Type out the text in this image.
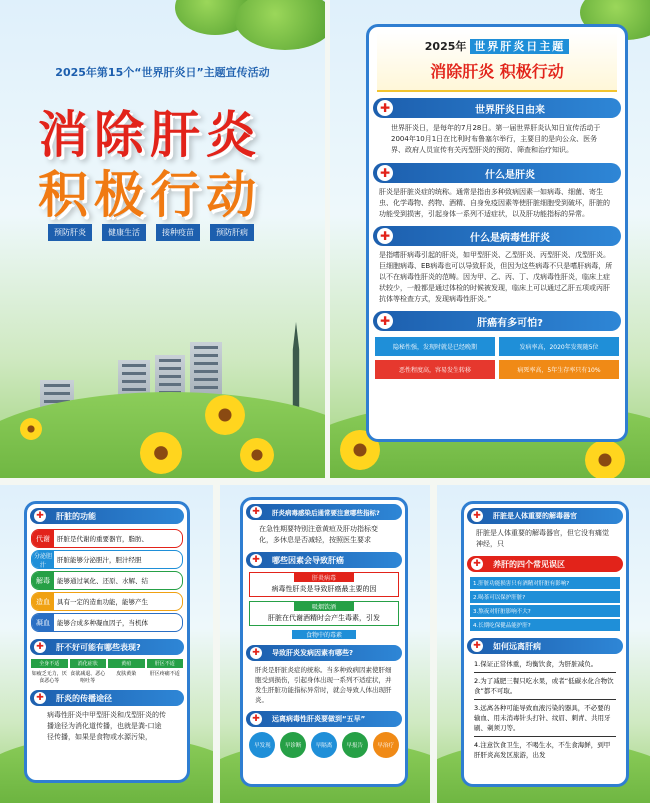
2025年第15个“世界肝炎日”主题宣传活动
消除肝炎
积极行动
预防肝炎	健康生活	接种疫苗	预防肝病
2025年 世界肝炎日主题
消除肝炎 积极行动
✚	世界肝炎日由来
世界肝炎日，是每年的7月28日。第一届世界肝炎认知日宣传活动于2004年10月1日在比利时布鲁塞尔举行，主要目的是向公众、医务界、政府人员宣传有关丙型肝炎的预防、筛查和治疗知识。
✚	什么是肝炎
肝炎是肝脏炎症的统称。通常是指由多种致病因素一如病毒、细菌、寄生虫、化学毒物、药物、酒精、自身免疫因素等使肝脏细胞受到破坏，肝脏的功能受到损害，引起身体一系列不适症状，以及肝功能指标的异常。
✚	什么是病毒性肝炎
是指嗜肝病毒引起的肝炎，如甲型肝炎、乙型肝炎、丙型肝炎、戊型肝炎。巨细胞病毒、EB病毒也可以导致肝炎，但因为这些病毒不只是嗜肝病毒，所以不在病毒性肝炎的范畴。因为甲、乙、丙、丁、戊病毒性肝炎，临床上症状较少，一般都是通过体检的时候被发现，临床上可以通过乙肝五项或丙肝抗体等检查方式，发现病毒性肝炎。”
✚	肝癌有多可怕?
隐秘性强，发现时就是已经晚期	发病率高，2020年发现随5位
恶性程度高，容易发生转移	病死率高，5年生存率只有10%
✚ 肝脏的功能
代谢	肝脏是代谢的重要器官，脂肪、
分泌胆汁
肝脏能够分泌胆汁，胆汁经胆
解毒	能够通过氧化、还原、水解、结
造血	具有一定的造血功能，能够产生
凝血	能够合成多种凝血因子，当机体
✚ 肝不好可能有哪些表现?
全身不适
如疲乏无力，厌食恶心等
消化症状
食欲减退、恶心呕吐等
黄疸
皮肤黄染
肝区不适
肝区疼痛不适
✚ 肝炎的传播途径
病毒性肝炎中甲型肝炎和戊型肝炎的传播途径为消化道传播，也就是粪-口途径传播，如果是食物或水源污染，
✚	肝炎病毒感染后通常要注意哪些指标?
在急性期要特别注意黄疸及肝功指标变化，多休息是否减轻，按照医生要求
✚ 哪些因素会导致肝癌
肝炎病毒
病毒性肝炎是导致肝癌最主要的因
吸烟饮酒
肝脏在代谢酒精时会产生毒素，引发
食物中的毒素
✚	导致肝炎发病因素有哪些?
肝炎是肝脏炎症的统称。当多种致病因素使肝细胞受到损伤，引起身体出现一系列不适症状，并发生肝脏功能指标异常时，就会导致人体出现肝炎。
✚	远离病毒性肝炎要做到“五早”
早发现	早诊断	早隔离	早报告	早治疗
✚	肝脏是人体重要的解毒器官
肝脏是人体重要的解毒器官，但它没有痛觉神经，只
✚ 养肝的四个常见误区
1.肝脏功能损害只有酒精对肝脏有影响?
2.喝茶可以保护肝脏?
3.熬夜对肝脏影响不大?
4.长期吃保健品能护肝?
✚ 如何远离肝病
1.保证正常体重，均衡饮食，为肝脏减负。
2.为了减肥三餐只吃水果，或者“低碳水化合物饮食”都不可取。
3.远离各种可能导致血液污染的器具，不必要的输血、用未消毒针头打针、纹眉、刺青、共用牙刷、剃须刀等。
4.注意饮食卫生，不喝生水，不生食海鲜，到甲肝肝炎高发区旅游，出发
